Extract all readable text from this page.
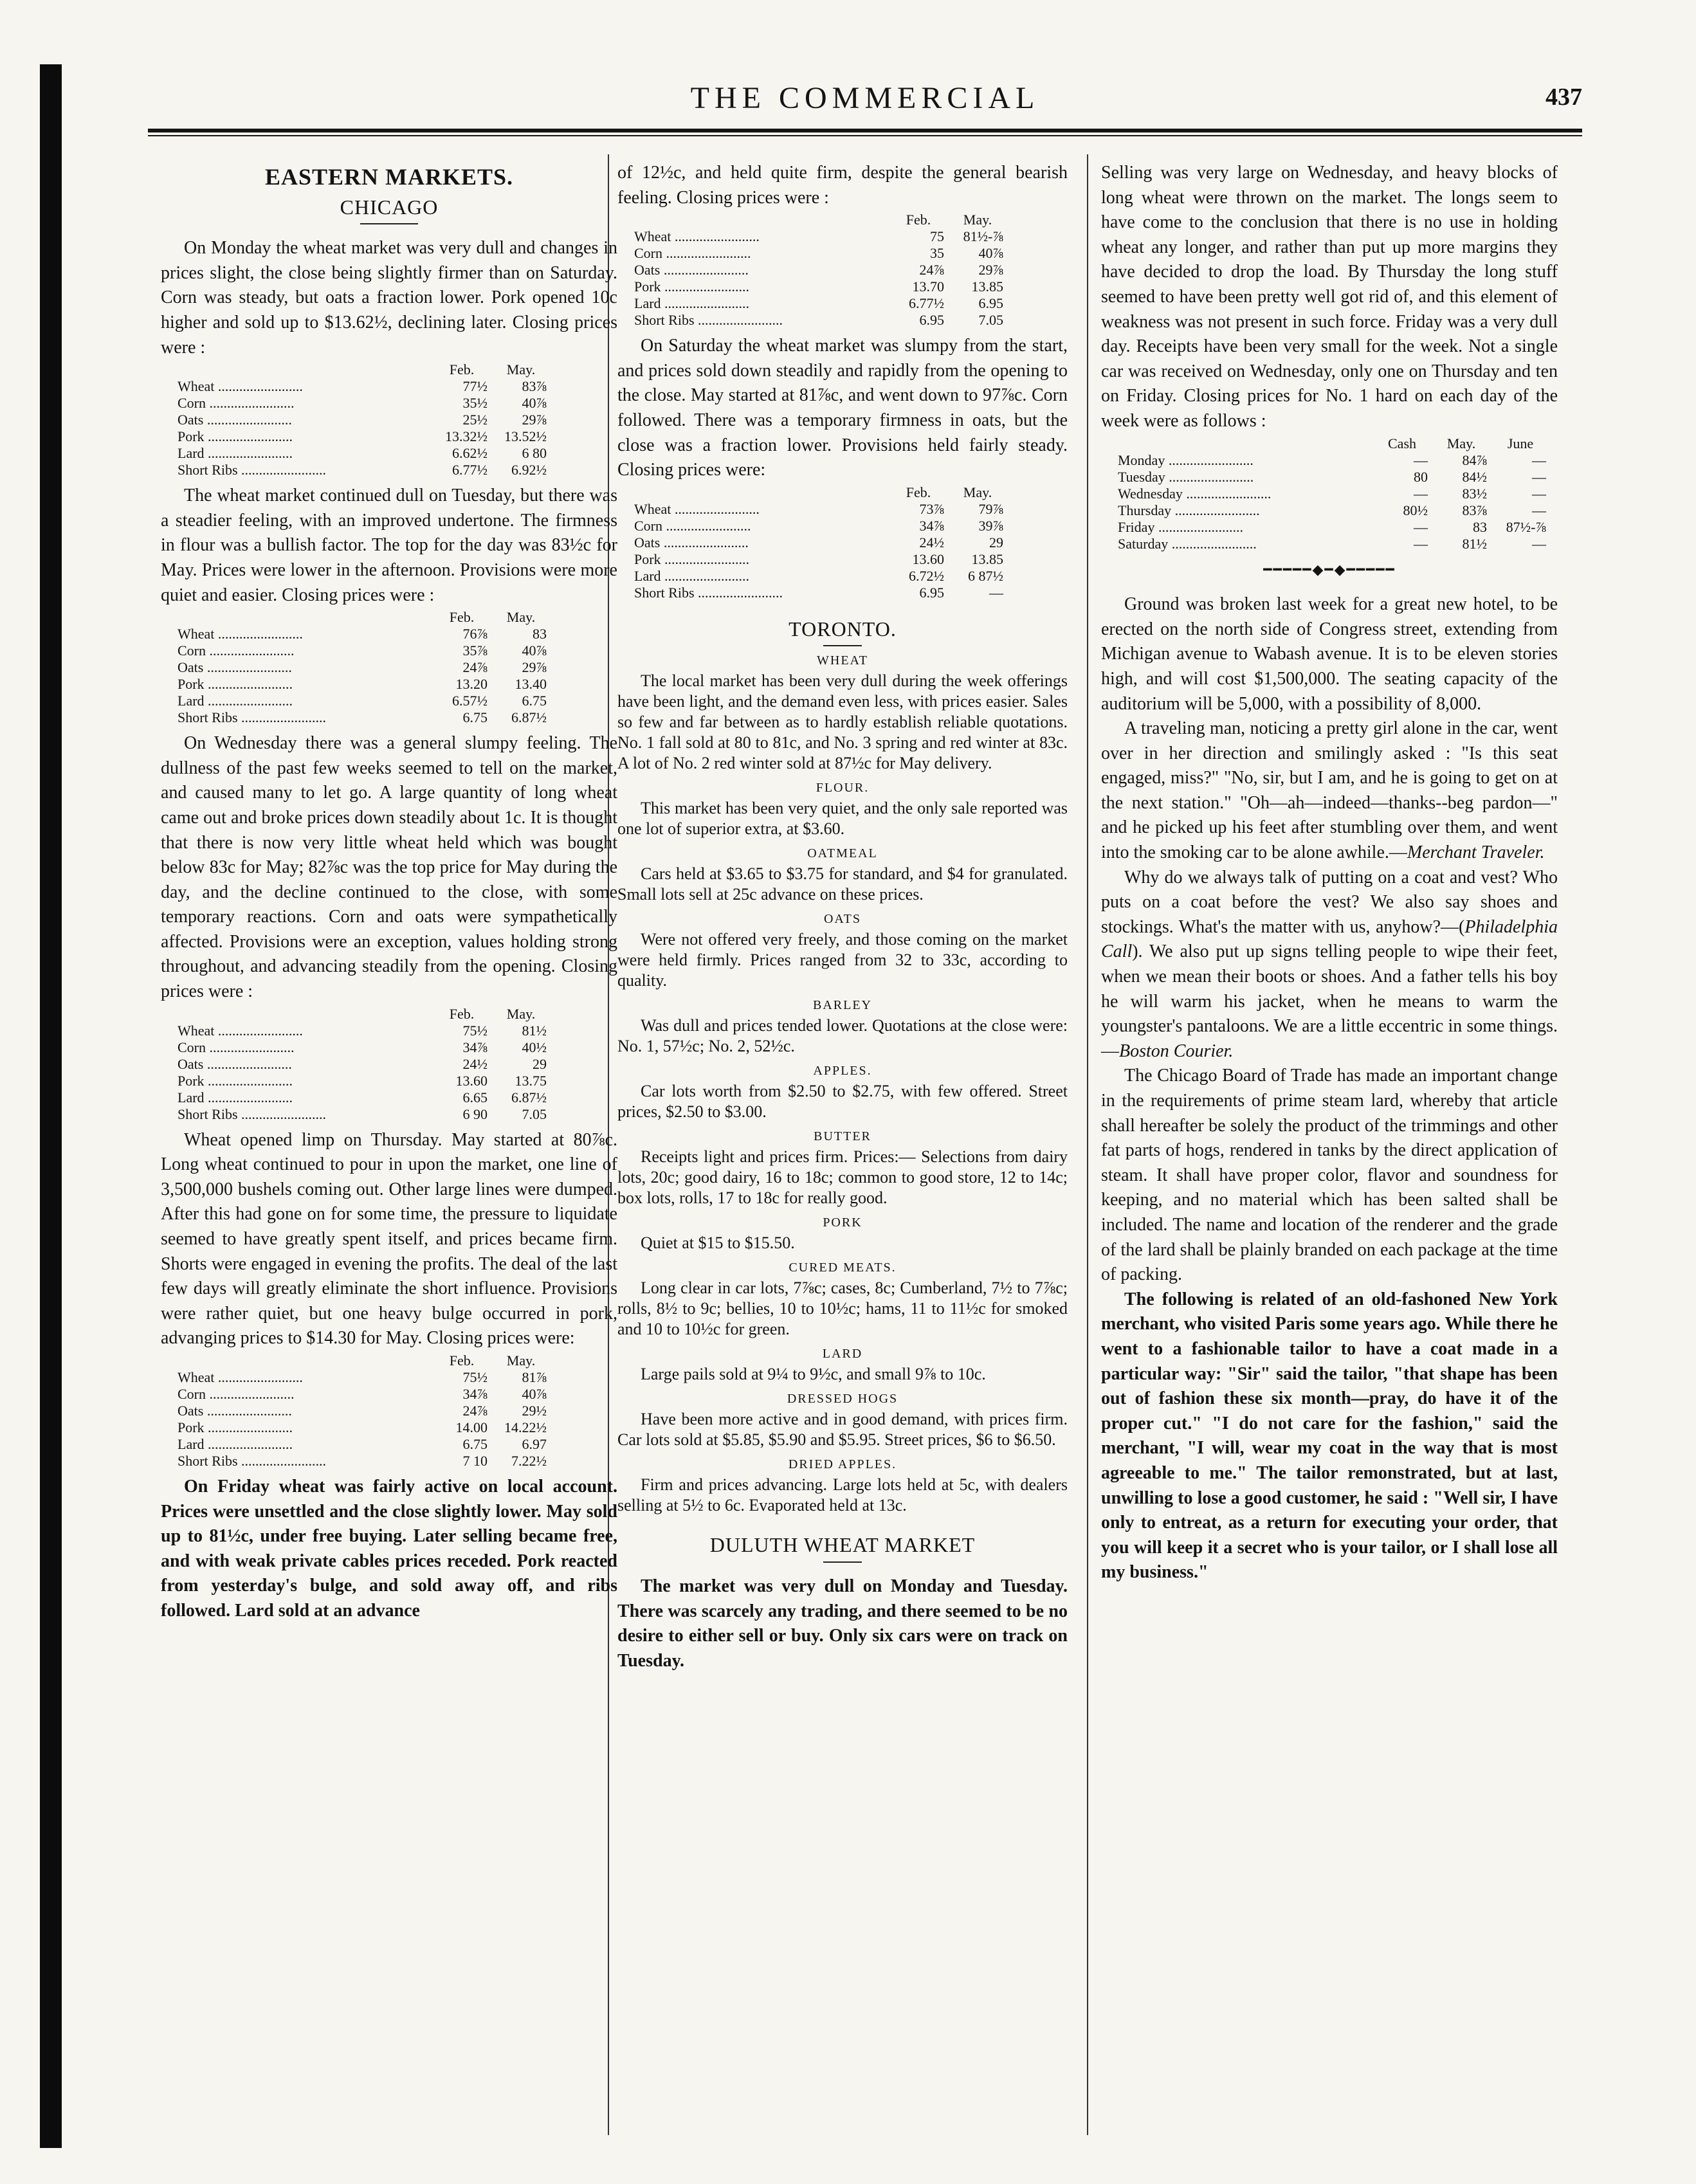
THE COMMERCIAL	437
EASTERN MARKETS.
CHICAGO

On Monday the wheat market was very dull and changes in prices slight, the close being slightly firmer than on Saturday. Corn was steady, but oats a fraction lower. Pork opened 10c higher and sold up to $13.62½, declining later. Closing prices were :

	Feb.	May.
Wheat ........................	77½	83⅞
Corn ........................	35½	40⅞
Oats ........................	25½	29⅞
Pork ........................	13.32½	13.52½
Lard ........................	6.62½	6 80
Short Ribs ........................	6.77½	6.92½

The wheat market continued dull on Tuesday, but there was a steadier feeling, with an improved undertone. The firmness in flour was a bullish factor. The top for the day was 83½c for May. Prices were lower in the afternoon. Provisions were more quiet and easier. Closing prices were :

	Feb.	May.
Wheat ........................	76⅞	83
Corn ........................	35⅞	40⅞
Oats ........................	24⅞	29⅞
Pork ........................	13.20	13.40
Lard ........................	6.57½	6.75
Short Ribs ........................	6.75	6.87½

On Wednesday there was a general slumpy feeling. The dullness of the past few weeks seemed to tell on the market, and caused many to let go. A large quantity of long wheat came out and broke prices down steadily about 1c. It is thought that there is now very little wheat held which was bought below 83c for May; 82⅞c was the top price for May during the day, and the decline continued to the close, with some temporary reactions. Corn and oats were sympathetically affected. Provisions were an exception, values holding strong throughout, and advancing steadily from the opening. Closing prices were :

	Feb.	May.
Wheat ........................	75½	81½
Corn ........................	34⅞	40½
Oats ........................	24½	29
Pork ........................	13.60	13.75
Lard ........................	6.65	6.87½
Short Ribs ........................	6 90	7.05

Wheat opened limp on Thursday. May started at 80⅞c. Long wheat continued to pour in upon the market, one line of 3,500,000 bushels coming out. Other large lines were dumped. After this had gone on for some time, the pressure to liquidate seemed to have greatly spent itself, and prices became firm. Shorts were engaged in evening the profits. The deal of the last few days will greatly eliminate the short influence. Provisions were rather quiet, but one heavy bulge occurred in pork, advanging prices to $14.30 for May. Closing prices were:

	Feb.	May.
Wheat ........................	75½	81⅞
Corn ........................	34⅞	40⅞
Oats ........................	24⅞	29½
Pork ........................	14.00	14.22½
Lard ........................	6.75	6.97
Short Ribs ........................	7 10	7.22½

On Friday wheat was fairly active on local account. Prices were unsettled and the close slightly lower. May sold up to 81½c, under free buying. Later selling became free, and with weak private cables prices receded. Pork reacted from yesterday's bulge, and sold away off, and ribs followed. Lard sold at an advance

of 12½c, and held quite firm, despite the general bearish feeling. Closing prices were :

	Feb.	May.
Wheat ........................	75	81½-⅞
Corn ........................	35	40⅞
Oats ........................	24⅞	29⅞
Pork ........................	13.70	13.85
Lard ........................	6.77½	6.95
Short Ribs ........................	6.95	7.05

On Saturday the wheat market was slumpy from the start, and prices sold down steadily and rapidly from the opening to the close. May started at 81⅞c, and went down to 97⅞c. Corn followed. There was a temporary firmness in oats, but the close was a fraction lower. Provisions held fairly steady. Closing prices were:

	Feb.	May.
Wheat ........................	73⅞	79⅞
Corn ........................	34⅞	39⅞
Oats ........................	24½	29
Pork ........................	13.60	13.85
Lard ........................	6.72½	6 87½
Short Ribs ........................	6.95	—
TORONTO.
WHEAT

The local market has been very dull during the week offerings have been light, and the demand even less, with prices easier. Sales so few and far between as to hardly establish reliable quotations. No. 1 fall sold at 80 to 81c, and No. 3 spring and red winter at 83c. A lot of No. 2 red winter sold at 87½c for May delivery.

FLOUR.

This market has been very quiet, and the only sale reported was one lot of superior extra, at $3.60.

OATMEAL

Cars held at $3.65 to $3.75 for standard, and $4 for granulated. Small lots sell at 25c advance on these prices.

OATS

Were not offered very freely, and those coming on the market were held firmly. Prices ranged from 32 to 33c, according to quality.

BARLEY

Was dull and prices tended lower. Quotations at the close were: No. 1, 57½c; No. 2, 52½c.

APPLES.

Car lots worth from $2.50 to $2.75, with few offered. Street prices, $2.50 to $3.00.

BUTTER

Receipts light and prices firm. Prices:— Selections from dairy lots, 20c; good dairy, 16 to 18c; common to good store, 12 to 14c; box lots, rolls, 17 to 18c for really good.

PORK

Quiet at $15 to $15.50.

CURED MEATS.

Long clear in car lots, 7⅞c; cases, 8c; Cumberland, 7½ to 7⅞c; rolls, 8½ to 9c; bellies, 10 to 10½c; hams, 11 to 11½c for smoked and 10 to 10½c for green.

LARD

Large pails sold at 9¼ to 9½c, and small 9⅞ to 10c.

DRESSED HOGS

Have been more active and in good demand, with prices firm. Car lots sold at $5.85, $5.90 and $5.95. Street prices, $6 to $6.50.

DRIED APPLES.

Firm and prices advancing. Large lots held at 5c, with dealers selling at 5½ to 6c. Evaporated held at 13c.

DULUTH WHEAT MARKET

The market was very dull on Monday and Tuesday. There was scarcely any trading, and there seemed to be no desire to either sell or buy. Only six cars were on track on Tuesday.

Selling was very large on Wednesday, and heavy blocks of long wheat were thrown on the market. The longs seem to have come to the conclusion that there is no use in holding wheat any longer, and rather than put up more margins they have decided to drop the load. By Thursday the long stuff seemed to have been pretty well got rid of, and this element of weakness was not present in such force. Friday was a very dull day. Receipts have been very small for the week. Not a single car was received on Wednesday, only one on Thursday and ten on Friday. Closing prices for No. 1 hard on each day of the week were as follows :

	Cash	May.	June
Monday ........................	—	84⅞	—
Tuesday ........................	80	84½	—
Wednesday ........................	—	83½	—
Thursday ........................	80½	83⅞	—
Friday ........................	—	83	87½-⅞
Saturday ........................	—	81½	—
━━━━━◆━◆━━━━━

Ground was broken last week for a great new hotel, to be erected on the north side of Congress street, extending from Michigan avenue to Wabash avenue. It is to be eleven stories high, and will cost $1,500,000. The seating capacity of the auditorium will be 5,000, with a possibility of 8,000.

A traveling man, noticing a pretty girl alone in the car, went over in her direction and smilingly asked : "Is this seat engaged, miss?" "No, sir, but I am, and he is going to get on at the next station." "Oh—ah—indeed—thanks--beg pardon—" and he picked up his feet after stumbling over them, and went into the smoking car to be alone awhile.—Merchant Traveler.

Why do we always talk of putting on a coat and vest? Who puts on a coat before the vest? We also say shoes and stockings. What's the matter with us, anyhow?—(Philadelphia Call). We also put up signs telling people to wipe their feet, when we mean their boots or shoes. And a father tells his boy he will warm his jacket, when he means to warm the youngster's pantaloons. We are a little eccentric in some things.—Boston Courier.

The Chicago Board of Trade has made an important change in the requirements of prime steam lard, whereby that article shall hereafter be solely the product of the trimmings and other fat parts of hogs, rendered in tanks by the direct application of steam. It shall have proper color, flavor and soundness for keeping, and no material which has been salted shall be included. The name and location of the renderer and the grade of the lard shall be plainly branded on each package at the time of packing.

The following is related of an old-fashoned New York merchant, who visited Paris some years ago. While there he went to a fashionable tailor to have a coat made in a particular way: "Sir" said the tailor, "that shape has been out of fashion these six month—pray, do have it of the proper cut." "I do not care for the fashion," said the merchant, "I will, wear my coat in the way that is most agreeable to me." The tailor remonstrated, but at last, unwilling to lose a good customer, he said : "Well sir, I have only to entreat, as a return for executing your order, that you will keep it a secret who is your tailor, or I shall lose all my business."
